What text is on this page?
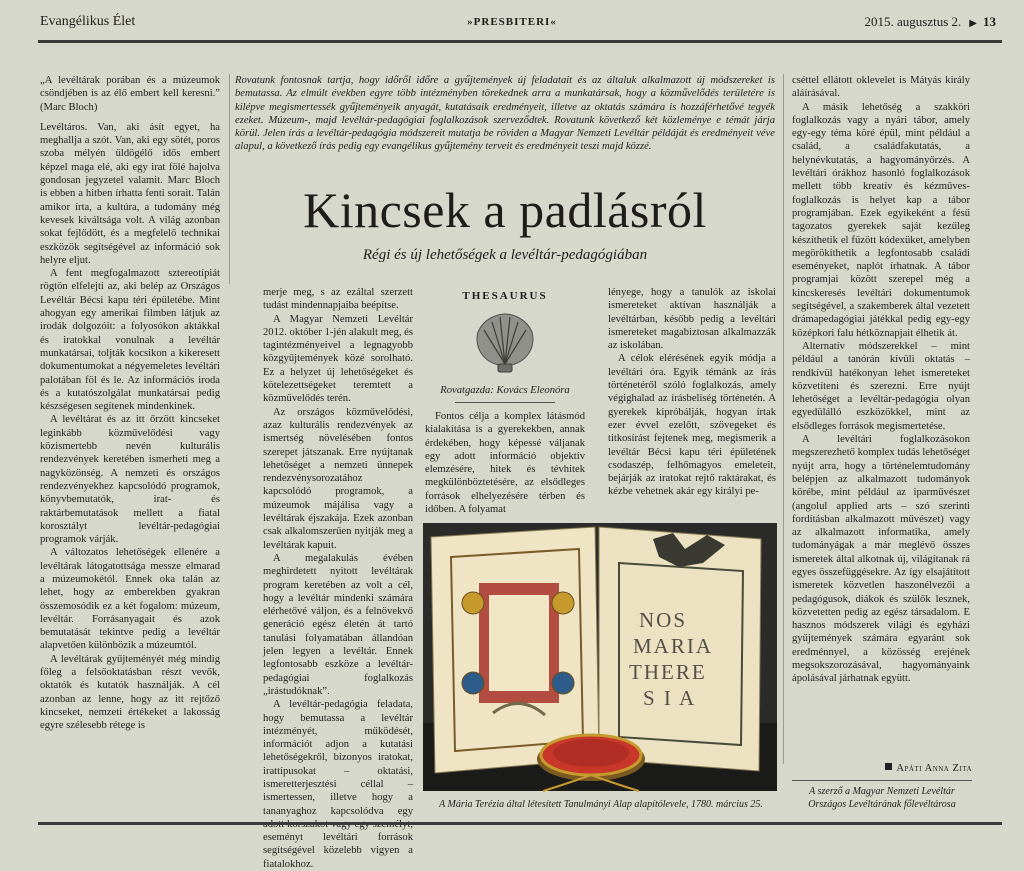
Evangélikus Élet	»PRESBITERI«	2015. augusztus 2. ▶ 13

„A levéltárak porában és a múzeumok csöndjében is az élő embert kell keresni.” (Marc Bloch)

Levéltáros. Van, aki ásít egyet, ha meghallja a szót. Van, aki egy sötét, poros szoba mélyén üldögélő idős embert képzel maga elé, aki egy irat fölé hajolva gondosan jegyzetel valamit. Marc Bloch is ebben a hitben írhatta fenti sorait. Talán amikor írta, a kultúra, a tudomány még kevesek kiváltsága volt. A világ azonban sokat fejlődött, és a megfelelő technikai eszközök segítségével az információ sok helyre eljut.

A fent megfogalmazott sztereotípiát rögtön elfelejti az, aki belép az Országos Levéltár Bécsi kapu téri épületébe. Mint ahogyan egy amerikai filmben látjuk az irodák dolgozóit: a folyosókon aktákkal és iratokkal vonulnak a levéltár munkatársai, toljták kocsikon a kikeresett dokumentumokat a négyemeletes levéltári palotában föl és le. Az információs iroda és a kutatószolgálat munkatársai pedig készségesen segítenek mindenkinek.

A levéltárat és az itt őrzött kincseket leginkább közművelődési vagy közismertebb nevén kulturális rendezvények keretében ismerheti meg a nagyközönség. A nemzeti és országos rendezvényekhez kapcsolódó programok, könyvbemutatók, irat- és raktárbemutatások mellett a fiatal korosztályt levéltár-pedagógiai programok várják.

A változatos lehetőségek ellenére a levéltárak látogatottsága messze elmarad a múzeumokétól. Ennek oka talán az lehet, hogy az emberekben gyakran összemosódik ez a két fogalom: múzeum, levéltár. Forrásanyagait és azok bemutatását tekintve pedig a levéltár alapvetően különbözik a múzeumtól.

A levéltárak gyűjteményét még mindig főleg a felsőoktatásban részt vevők, oktatók és kutatók használják. A cél azonban az lenne, hogy az itt rejtőző kincseket, nemzeti értékeket a lakosság egyre szélesebb rétege is

Rovatunk fontosnak tartja, hogy időről időre a gyűjtemények új feladatait és az általuk alkalmazott új módszereket is bemutassa. Az elmúlt években egyre több intézményben törekednek arra a munkatársak, hogy a közművelődés területére is kilépve megismertessék gyűjteményeik anyagát, kutatásaik eredményeit, illetve az oktatás számára is hozzáférhetővé tegyék ezeket. Múzeum-, majd levéltár-pedagógiai foglalkozások szerveződtek. Rovatunk következő két közleménye e témát járja körül. Jelen írás a levéltár-pedagógia módszereit mutatja be röviden a Magyar Nemzeti Levéltár példáját és eredményeit véve alapul, a következő írás pedig egy evangélikus gyűjtemény terveit és eredményeit teszi majd közzé.
Kincsek a padlásról
Régi és új lehetőségek a levéltár-pedagógiában

merje meg, s az ezáltal szerzett tudást mindennapjaiba beépítse.

A Magyar Nemzeti Levéltár 2012. október 1-jén alakult meg, és tagintézményeivel a legnagyobb közgyűjtemények közé sorolható. Ez a helyzet új lehetőségeket és kötelezettségeket teremtett a közművelődés terén.

Az országos közművelődési, azaz kulturális rendezvények az ismertség növelésében fontos szerepet játszanak. Erre nyújtanak lehetőséget a nemzeti ünnepek rendezvénysorozatához kapcsolódó programok, a múzeumok májálisa vagy a levéltárak éjszakája. Ezek azonban csak alkalomszerűen nyitják meg a levéltárak kapuit.

A megalakulás évében meghirdetett nyitott levéltárak program keretében az volt a cél, hogy a levéltár mindenki számára elérhetővé váljon, és a felnövekvő generáció egész életén át tartó tanulási folyamatában állandóan jelen legyen a levéltár. Ennek legfontosabb eszköze a levéltár-pedagógiai foglalkozás „irástudóknak”.

A levéltár-pedagógia feladata, hogy bemutassa a levéltár intézményét, működését, információt adjon a kutatási lehetőségekről, bizonyos iratokat, irattípusokat – oktatási, ismeretterjesztési céllal – ismertessen, illetve hogy a tananyaghoz kapcsolódva egy eseményt levéltári források segítségével közelebb vigyen a fiatalokhoz.

THESAURUS
Rovatgazda: Kovács Eleonóra

Fontos célja a komplex látásmód kialakítása is a gyerekekben, annak érdekében, hogy képessé váljanak egy adott információ objektív elemzésére, hitek és tévhitek megkülönböztetésére, az elsődleges források elhelyezésére térben és időben. A folyamat

lényege, hogy a tanulók az iskolai ismereteket aktívan használják a levéltárban, később pedig a levéltári ismereteket magabiztosan alkalmazzák az iskolában.

A célok elérésének egyik módja a levéltári óra. Egyik témánk az írás történetéről szóló foglalkozás, amely végighalad az írásbeliség történetén. A gyerekek kipróbálják, hogyan írtak ezer évvel ezelőtt, szövegeket és titkosírást fejtenek meg, megismerik a levéltár Bécsi kapu téri épületének csodaszép, felhőmagyos emeleteit, bejárják az iratokat rejtő raktárakat, és kézbe vehetnek akár egy királyi pe-

NOS
MARIA
THERE
S I A
A Mária Terézia által létesített Tanulmányi Alap alapítólevele, 1780. március 25.

cséttel ellátott oklevelet is Mátyás király aláírásával.

A másik lehetőség a szakköri foglalkozás vagy a nyári tábor, amely egy-egy téma köré épül, mint például a család, a családfakutatás, a helynévkutatás, a hagyományőrzés. A levéltári órákhoz hasonló foglalkozások mellett több kreatív és kézműves-foglalkozás is helyet kap a tábor programjában. Ezek egyikeként a fésű tagozatos gyerekek saját kezűleg készíthetik el fűzött kódexüket, amelyben megörökíthetik a legfontosabb családi eseményeket, naplót írhatnak. A tábor programjai között szerepel még a kincskeresés levéltári dokumentumok segítségével, a szakemberek által vezetett drámapedagógiai játékkal pedig egy-egy középkori falu hétköznapjait élhetik át.

Alternatív módszerekkel – mint például a tanórán kívüli oktatás – rendkívül hatékonyan lehet ismereteket közvetíteni és szerezni. Erre nyújt lehetőséget a levéltár-pedagógia olyan egyedülálló eszközökkel, mint az elsődleges források megismertetése.

A levéltári foglalkozásokon megszerezhető komplex tudás lehetőséget nyújt arra, hogy a történelemtudomány belépjen az alkalmazott tudományok körébe, mint például az iparművészet (angolul applied arts – szó szerinti fordításban alkalmazott művészet) vagy az alkalmazott informatika, amely tudományágak a már meglévő összes ismeretek által alkotnak új, világítanak rá egyes összefüggésekre. Az így elsajátított ismeretek közvetlen haszonélvezői a pedagógusok, diákok és szülők lesznek, közvetetten pedig az egész társadalom. E hasznos módszerek világi és egyházi gyűjtemények számára egyaránt sok eredménnyel, a közösség erejének megsokszorozásával, hagyományaink ápolásával járhatnak együtt.

Apáti Anna Zita
A szerző a Magyar Nemzeti Levéltár Országos Levéltárának főlevéltárosa
